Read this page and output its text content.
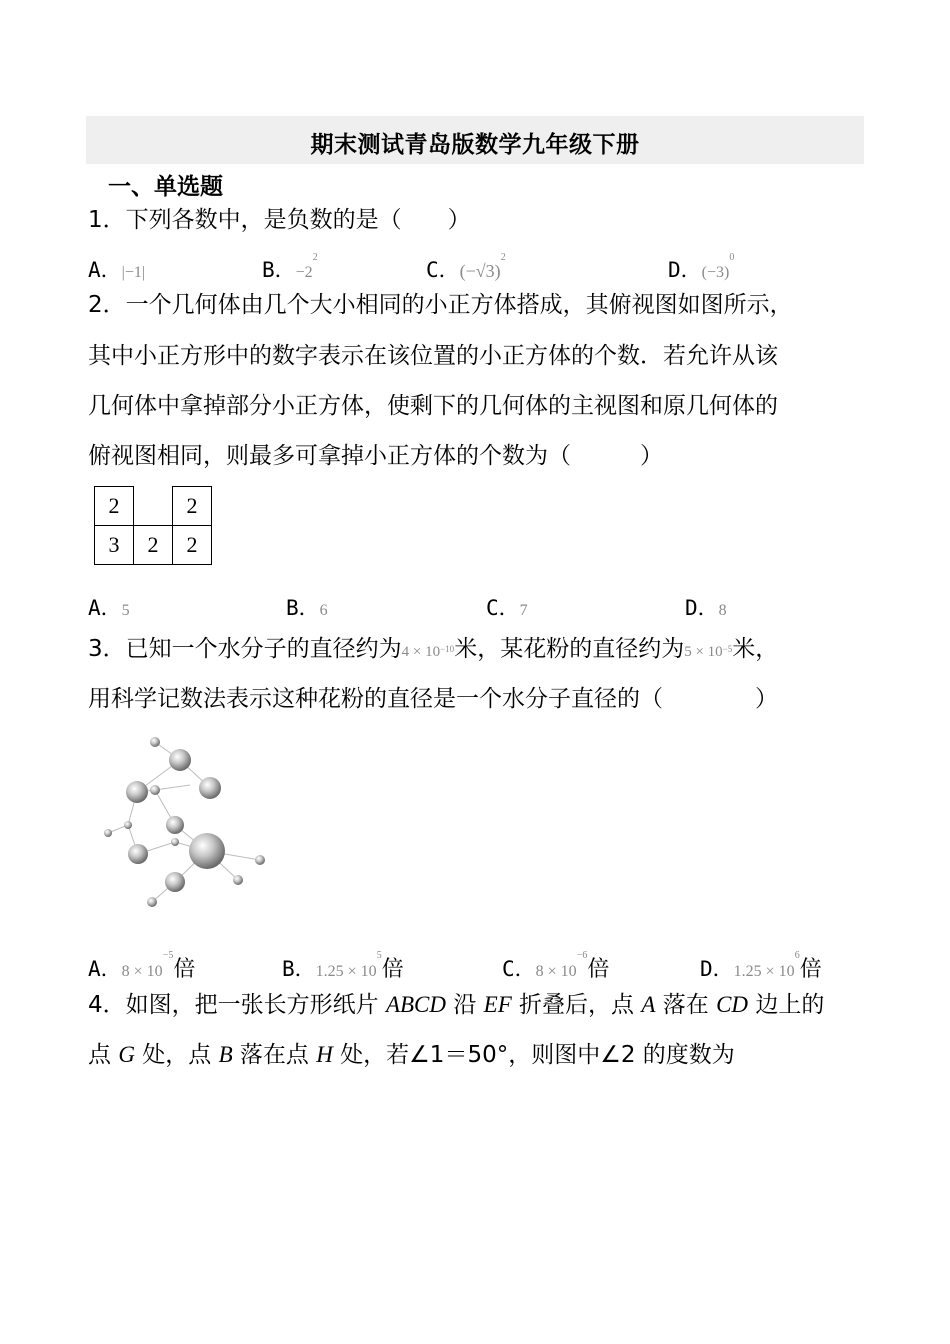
期末测试青岛版数学九年级下册
一、单选题
1．下列各数中，是负数的是（　　）
A．|−1|	B．$-2^2$
C．$(-√3)^2$
D．$(-3)^0$
2．一个几何体由几个大小相同的小正方体搭成，其俯视图如图所示，
其中小正方形中的数字表示在该位置的小正方体的个数．若允许从该
几何体中拿掉部分小正方体，使剩下的几何体的主视图和原几何体的
俯视图相同，则最多可拿掉小正方体的个数为（　　　）
2		2
3	2	2
A．5	B．6	C．7	D．8
3．已知一个水分子的直径约为$4 \times 10^{-10}$米，某花粉的直径约为$5 \times 10^{-5}$米，
用科学记数法表示这种花粉的直径是一个水分子直径的（　　　　）
A．$8 \times 10^{-5}$倍	B．$1.25 \times 10^5$倍	C．$8 \times 10^{-6}$倍	D．$1.25 \times 10^6$倍
4．如图，把一张长方形纸片 ABCD 沿 EF 折叠后，点 A 落在 CD 边上的
点 G 处，点 B 落在点 H 处，若∠1＝50°，则图中∠2 的度数为
